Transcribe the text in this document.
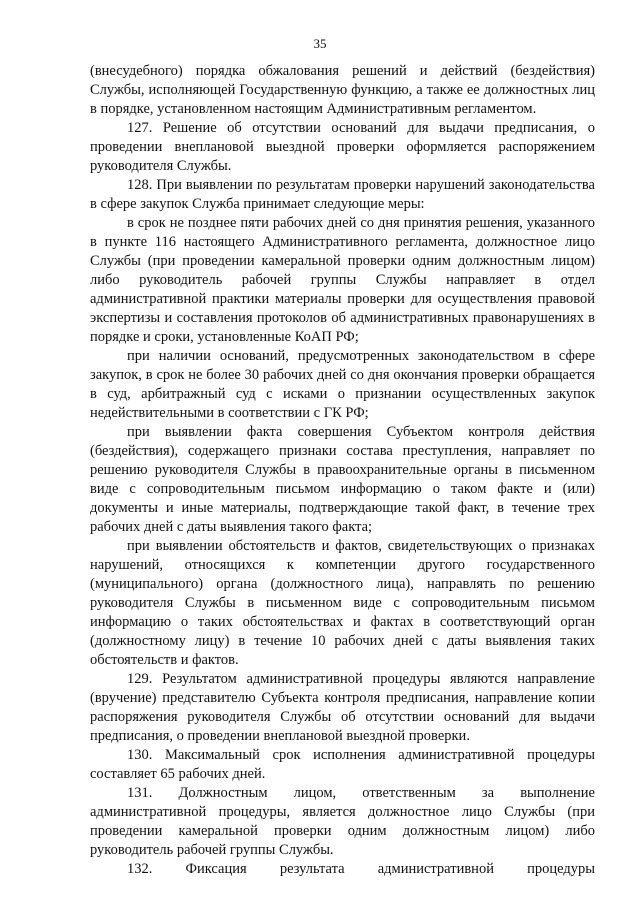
35

(внесудебного) порядка обжалования решений и действий (бездействия) Службы, исполняющей Государственную функцию, а также ее должностных лиц в порядке, установленном настоящим Административным регламентом.

127. Решение об отсутствии оснований для выдачи предписания, о проведении внеплановой выездной проверки оформляется распоряжением руководителя Службы.

128. При выявлении по результатам проверки нарушений законодательства в сфере закупок Служба принимает следующие меры:

в срок не позднее пяти рабочих дней со дня принятия решения, указанного в пункте 116 настоящего Административного регламента, должностное лицо Службы (при проведении камеральной проверки одним должностным лицом) либо руководитель рабочей группы Службы направляет в отдел административной практики материалы проверки для осуществления правовой экспертизы и составления протоколов об административных правонарушениях в порядке и сроки, установленные КоАП РФ;

при наличии оснований, предусмотренных законодательством в сфере закупок, в срок не более 30 рабочих дней со дня окончания проверки обращается в суд, арбитражный суд с исками о признании осуществленных закупок недействительными в соответствии с ГК РФ;

при выявлении факта совершения Субъектом контроля действия (бездействия), содержащего признаки состава преступления, направляет по решению руководителя Службы в правоохранительные органы в письменном виде с сопроводительным письмом информацию о таком факте и (или) документы и иные материалы, подтверждающие такой факт, в течение трех рабочих дней с даты выявления такого факта;

при выявлении обстоятельств и фактов, свидетельствующих о признаках нарушений, относящихся к компетенции другого государственного (муниципального) органа (должностного лица), направлять по решению руководителя Службы в письменном виде с сопроводительным письмом информацию о таких обстоятельствах и фактах в соответствующий орган (должностному лицу) в течение 10 рабочих дней с даты выявления таких обстоятельств и фактов.

129. Результатом административной процедуры являются направление (вручение) представителю Субъекта контроля предписания, направление копии распоряжения руководителя Службы об отсутствии оснований для выдачи предписания, о проведении внеплановой выездной проверки.

130. Максимальный срок исполнения административной процедуры составляет 65 рабочих дней.

131. Должностным лицом, ответственным за выполнение административной процедуры, является должностное лицо Службы (при проведении камеральной проверки одним должностным лицом) либо руководитель рабочей группы Службы.

132. Фиксация результата административной процедуры
